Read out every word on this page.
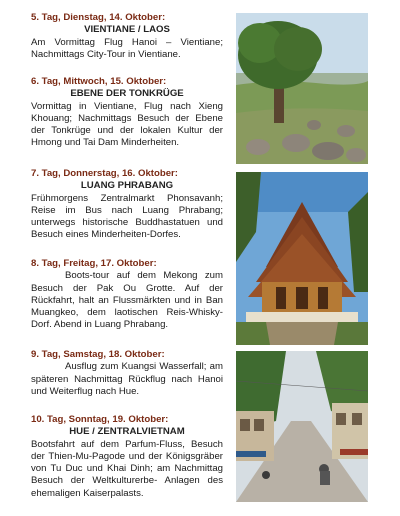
5. Tag, Dienstag, 14. Oktober:
VIENTIANE / LAOS
Am Vormittag Flug Hanoi – Vientiane; Nachmittags City-Tour in Vientiane.
6. Tag, Mittwoch, 15. Oktober:
EBENE DER TONKRÜGE
Vormittag in Vientiane, Flug nach Xieng Khouang; Nachmittags Besuch der Ebene der Tonkrüge und der lokalen Kultur der Hmong und Tai Dam Minderheiten.
7. Tag, Donnerstag, 16. Oktober:
LUANG PHRABANG
Frühmorgens Zentralmarkt Phonsavanh; Reise im Bus nach Luang Phrabang; unterwegs historische Buddhastatuen und Besuch eines Minderheiten-Dorfes.
8. Tag, Freitag, 17. Oktober:
Boots-tour auf dem Mekong zum Besuch der Pak Ou Grotte. Auf der Rückfahrt, halt an Flussmärkten und in Ban Muangkeo, dem laotischen Reis-Whisky-Dorf. Abend in Luang Phrabang.
9. Tag, Samstag, 18. Oktober:
Ausflug zum Kuangsi Wasserfall; am späteren Nachmittag Rückflug nach Hanoi und Weiterflug nach Hue.
10. Tag, Sonntag, 19. Oktober:
HUE / ZENTRALVIETNAM
Bootsfahrt auf dem Parfum-Fluss, Besuch der Thien-Mu-Pagode und der Königsgräber von Tu Duc und Khai Dinh; am Nachmittag Besuch der Weltkulturerbe- Anlagen des ehemaligen Kaiserpalasts.
